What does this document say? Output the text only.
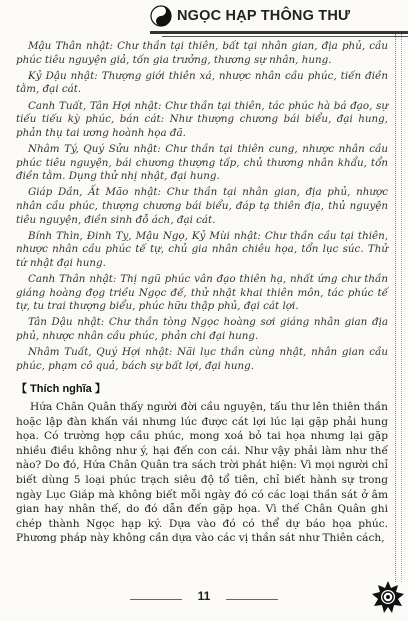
NGỌC HẠP THÔNG THƯ

Mậu Thân nhật: Chư thần tại thiên, bất tại nhân gian, địa phủ, cầu phúc tiêu nguyện giả, tốn gia trưởng, thương sự nhân, hung.

Kỷ Dậu nhật: Thượng giới thiên xá, nhược nhân cầu phúc, tiến điền tằm, đại cát.

Canh Tuất, Tân Hợi nhật: Chư thần tại thiên, tác phúc hà bá đạo, sự tiếu tiếu kỳ phúc, bán cát: Như thượng chương bái biểu, đại hung, phản thụ tai ương hoành họa đã.

Nhâm Tý, Quý Sửu nhật: Chư thần tại thiên cung, nhược nhân cầu phúc tiêu nguyện, bái chương thượng tấp, chủ thương nhân khẩu, tổn điền tằm. Dụng thử nhị nhật, đại hung.

Giáp Dần, Ất Mão nhật: Chư thần tại nhân gian, địa phủ, nhược nhân cầu phúc, thượng chương bái biểu, đáp tạ thiên địa, thủ nguyện tiêu nguyện, điền sinh đỗ ách, đại cát.

Bính Thìn, Đinh Tỵ, Mậu Ngọ, Kỷ Mùi nhật: Chư thần cầu tại thiên, nhược nhân cầu phúc tế tự, chủ gia nhân chiêu họa, tổn lục súc. Thử tứ nhật đại hung.

Canh Thân nhật: Thị ngũ phúc vân đạo thiên hạ, nhất ứng chư thần giáng hoàng đọg triều Ngọc đế, thử nhật khai thiên môn, tác phúc tế tự, tu trai thượng biểu, phúc hữu thập phủ, đại cát lợi.

Tân Dậu nhật: Chư thần tòng Ngọc hoàng sơi giáng nhân gian địa phủ, nhược nhân cầu phúc, phản chi đại hung.

Nhâm Tuất, Quý Hợi nhật: Nãi lục thần cùng nhật, nhân gian cầu phúc, phạm cô quả, bách sự bất lợi, đại hung.

【 Thích nghĩa 】

Hứa Chân Quân thấy người đời cầu nguyện, tấu thư lên thiên thần hoặc lập đàn khấn vái nhưng lúc được cát lợi lúc lại gặp phải hung họa. Có trường hợp cầu phúc, mong xoá bỏ tai họa nhưng lại gặp nhiều điều không như ý, hại đến con cái. Như vậy phải làm như thế nào? Do đó, Hứa Chân Quân tra sách trời phát hiện: Vì mọi người chỉ biết dùng 5 loại phúc trạch siêu độ tổ tiên, chỉ biết hành sự trong ngày Lục Giáp mà không biết mỗi ngày đó có các loại thần sát ở âm gian hay nhân thế, do đó dẫn đến gặp họa. Vì thế Chân Quân ghi chép thành Ngọc hạp ký. Dựa vào đó có thể dự báo họa phúc. Phương pháp này không cần dựa vào các vị thần sát như Thiên cách,

11
